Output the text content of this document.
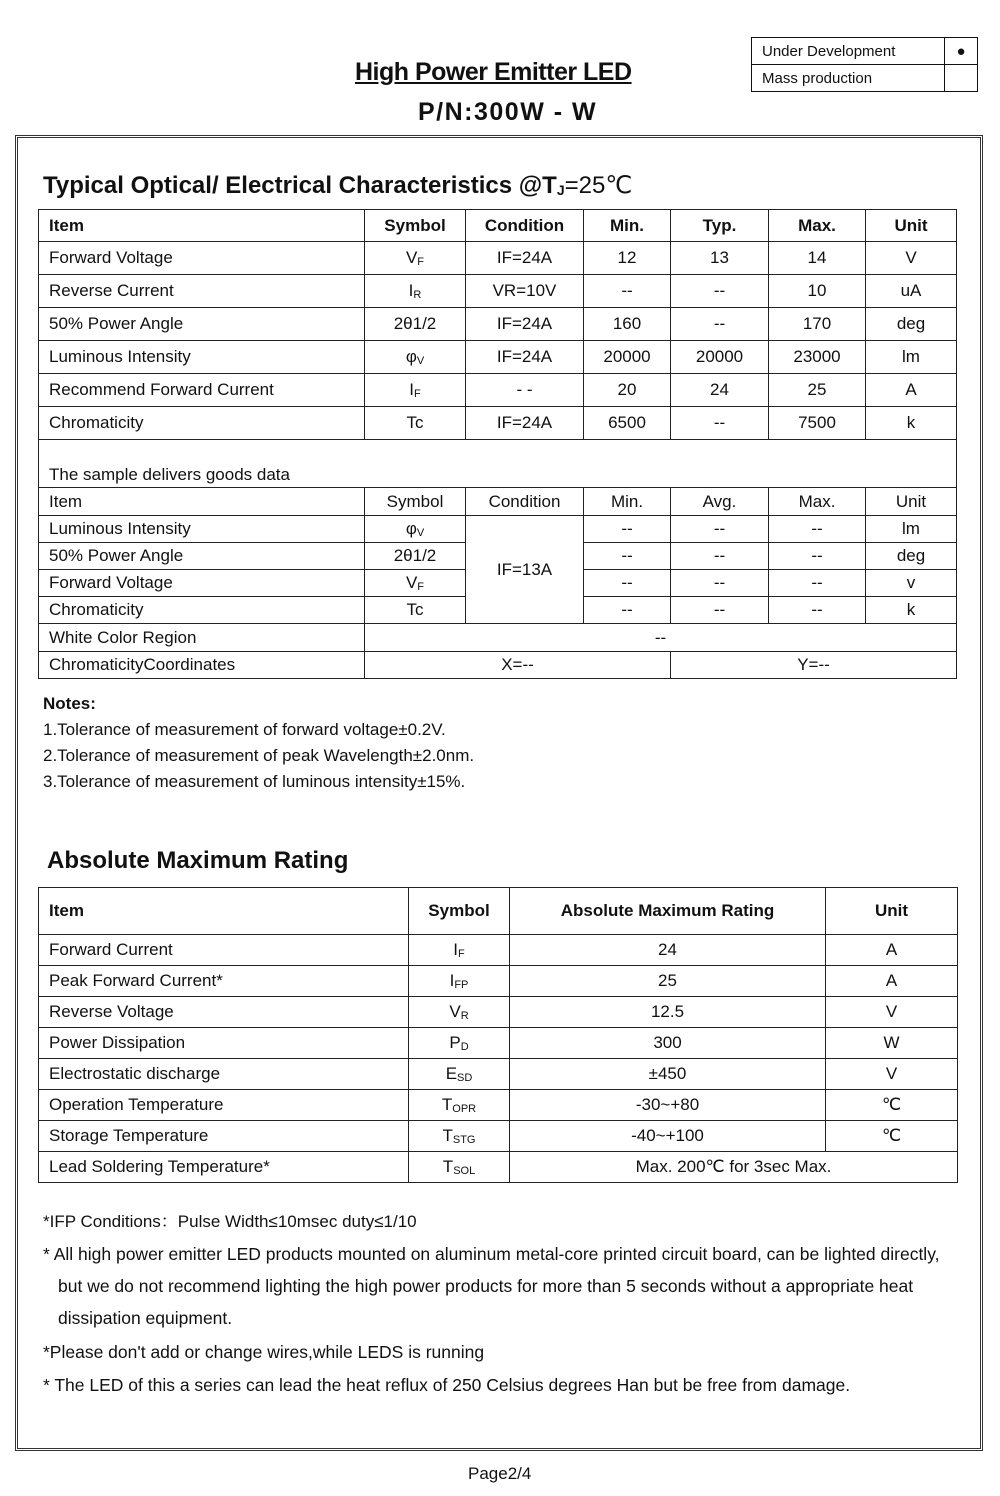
High Power Emitter LED
P/N:300W - W
Under Development	●
Mass production	
Typical Optical/ Electrical Characteristics $@T_J=25℃$
Item	Symbol	Condition	Min.	Typ.	Max.	Unit
Forward Voltage	$V_F$	IF=24A	12	13	14	V
Reverse Current	$I_R$	VR=10V	--	--	10	uA
50% Power Angle	2θ1/2	IF=24A	160	--	170	deg
Luminous Intensity	$\varphi_V$	IF=24A	20000	20000	23000	lm
Recommend Forward Current	$I_F$	- -	20	24	25	A
Chromaticity	Tc	IF=24A	6500	--	7500	k
The sample delivers goods data						
Item	Symbol	Condition	Min.	Avg.	Max.	Unit
Luminous Intensity	$\varphi_V$	IF=13A	--	--	--	lm
50% Power Angle	2θ1/2		--	--	--	deg
Forward Voltage	$V_F$		--	--	--	v
Chromaticity	Tc		--	--	--	k
White Color Region	--					
ChromaticityCoordinates	X=--			Y=--		
Notes:
1.Tolerance of measurement of forward voltage±0.2V.
2.Tolerance of measurement of peak Wavelength±2.0nm.
3.Tolerance of measurement of luminous intensity±15%.
Absolute Maximum Rating
Item	Symbol	Absolute Maximum Rating	Unit
Forward Current	$I_F$	24	A
Peak Forward Current*	$I_{FP}$	25	A
Reverse Voltage	$V_R$	12.5	V
Power Dissipation	$P_D$	300	W
Electrostatic discharge	$E_{SD}$	±450	V
Operation Temperature	$T_{OPR}$	-30~+80	℃
Storage Temperature	$T_{STG}$	-40~+100	℃
Lead Soldering Temperature*	$T_{SOL}$	Max. 200℃ for 3sec Max.	
*IFP Conditions：Pulse Width≤10msec duty≤1/10
* All high power emitter LED products mounted on aluminum metal-core printed circuit board, can be lighted directly, but we do not recommend lighting the high power products for more than 5 seconds without a appropriate heat dissipation equipment.
*Please don't add or change wires,while LEDS is running
* The LED of this a series can lead the heat reflux of 250 Celsius degrees Han but be free from damage.
Page2/4
